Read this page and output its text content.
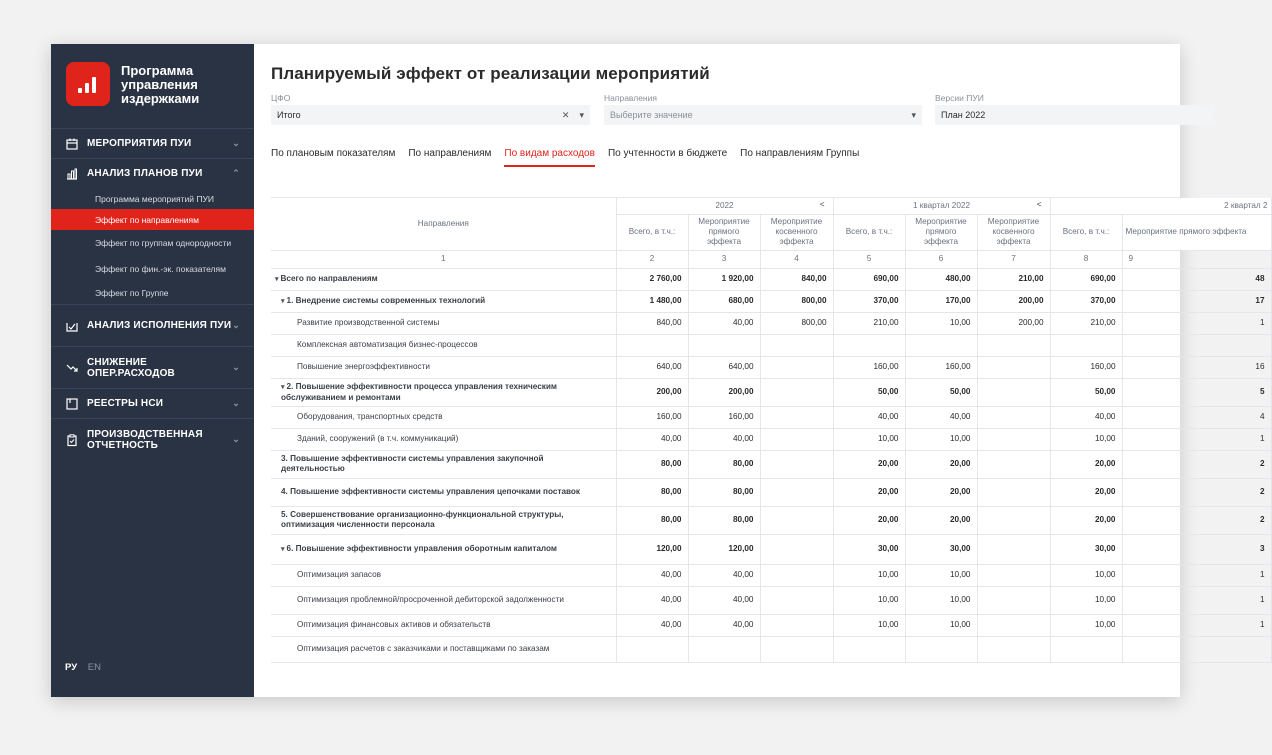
Программа
управления
издержками
МЕРОПРИЯТИЯ ПУИ	⌄
АНАЛИЗ ПЛАНОВ ПУИ	⌃
Программа мероприятий ПУИ
Эффект по направлениям
Эффект по группам однородности
Эффект по фин.-эк. показателям
Эффект по Группе
АНАЛИЗ ИСПОЛНЕНИЯ ПУИ ⌄
СНИЖЕНИЕ ОПЕР.РАСХОДОВ
⌄
РЕЕСТРЫ НСИ	⌄
ПРОИЗВОДСТВЕННАЯ ОТЧЕТНОСТЬ
⌄
РУ EN
Планируемый эффект от реализации мероприятий
ЦФО
Итого	✕ ▾
Направления
Выберите значение	▾
Версии ПУИ
План 2022
По плановым показателям По направлениям По видам расходов По учтенности в бюджете По направлениям Группы
Направления	2022 <			1 квартал 2022 <			2 квартал 2	
	Всего, в т.ч.:	Мероприятие прямого эффекта	Мероприятие косвенного эффекта	Всего, в т.ч.:	Мероприятие прямого эффекта	Мероприятие косвенного эффекта	Всего, в т.ч.:	Мероприятие прямого эффекта
1	2	3	4	5	6	7	8	9
▾ Всего по направлениям	2 760,00	1 920,00	840,00	690,00	480,00	210,00	690,00	48
▾ 1. Внедрение системы современных технологий	1 480,00	680,00	800,00	370,00	170,00	200,00	370,00	17
Развитие производственной системы	840,00	40,00	800,00	210,00	10,00	200,00	210,00	1
Комплексная автоматизация бизнес-процессов								
Повышение энергоэффективности	640,00	640,00		160,00	160,00		160,00	16
▾ 2. Повышение эффективности процесса управления техническим обслуживанием и ремонтами	200,00	200,00		50,00	50,00		50,00	5
Оборудования, транспортных средств	160,00	160,00		40,00	40,00		40,00	4
Зданий, сооружений (в т.ч. коммуникаций)	40,00	40,00		10,00	10,00		10,00	1
3. Повышение эффективности системы управления закупочной деятельностью	80,00	80,00		20,00	20,00		20,00	2
4. Повышение эффективности системы управления цепочками поставок	80,00	80,00		20,00	20,00		20,00	2
5. Совершенствование организационно-функциональной структуры, оптимизация численности персонала	80,00	80,00		20,00	20,00		20,00	2
▾ 6. Повышение эффективности управления оборотным капиталом	120,00	120,00		30,00	30,00		30,00	3
Оптимизация запасов	40,00	40,00		10,00	10,00		10,00	1
Оптимизация проблемной/просроченной дебиторской задолженности	40,00	40,00		10,00	10,00		10,00	1
Оптимизация финансовых активов и обязательств	40,00	40,00		10,00	10,00		10,00	1
Оптимизация расчетов с заказчиками и поставщиками по заказам								
